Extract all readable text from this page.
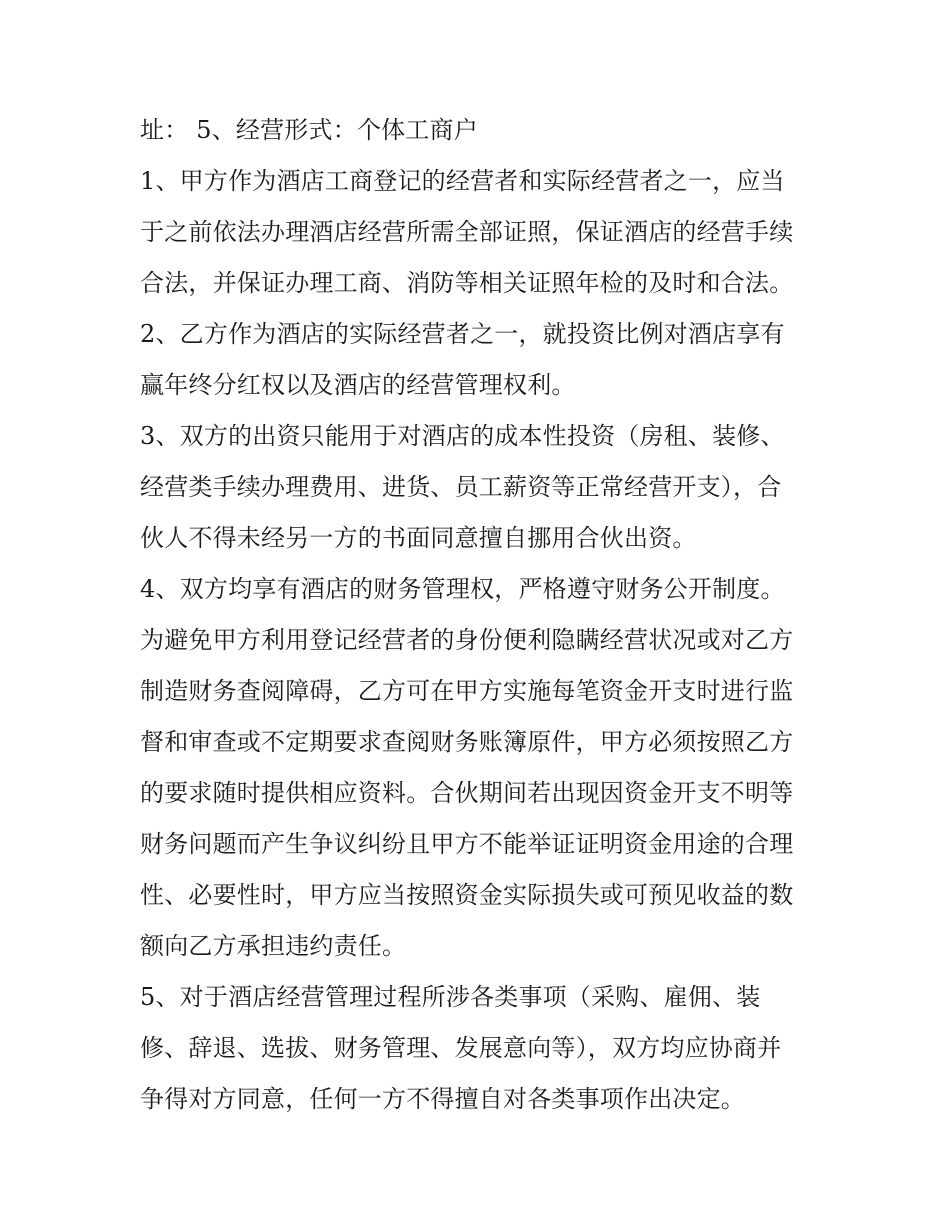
址： 5、经营形式：个体工商户
1、甲方作为酒店工商登记的经营者和实际经营者之一，应当
于之前依法办理酒店经营所需全部证照，保证酒店的经营手续
合法，并保证办理工商、消防等相关证照年检的及时和合法。
2、乙方作为酒店的实际经营者之一，就投资比例对酒店享有
赢年终分红权以及酒店的经营管理权利。
3、双方的出资只能用于对酒店的成本性投资（房租、装修、
经营类手续办理费用、进货、员工薪资等正常经营开支），合
伙人不得未经另一方的书面同意擅自挪用合伙出资。
4、双方均享有酒店的财务管理权，严格遵守财务公开制度。
为避免甲方利用登记经营者的身份便利隐瞒经营状况或对乙方
制造财务查阅障碍，乙方可在甲方实施每笔资金开支时进行监
督和审查或不定期要求查阅财务账簿原件，甲方必须按照乙方
的要求随时提供相应资料。合伙期间若出现因资金开支不明等
财务问题而产生争议纠纷且甲方不能举证证明资金用途的合理
性、必要性时，甲方应当按照资金实际损失或可预见收益的数
额向乙方承担违约责任。
5、对于酒店经营管理过程所涉各类事项（采购、雇佣、装
修、辞退、选拔、财务管理、发展意向等），双方均应协商并
争得对方同意，任何一方不得擅自对各类事项作出决定。
